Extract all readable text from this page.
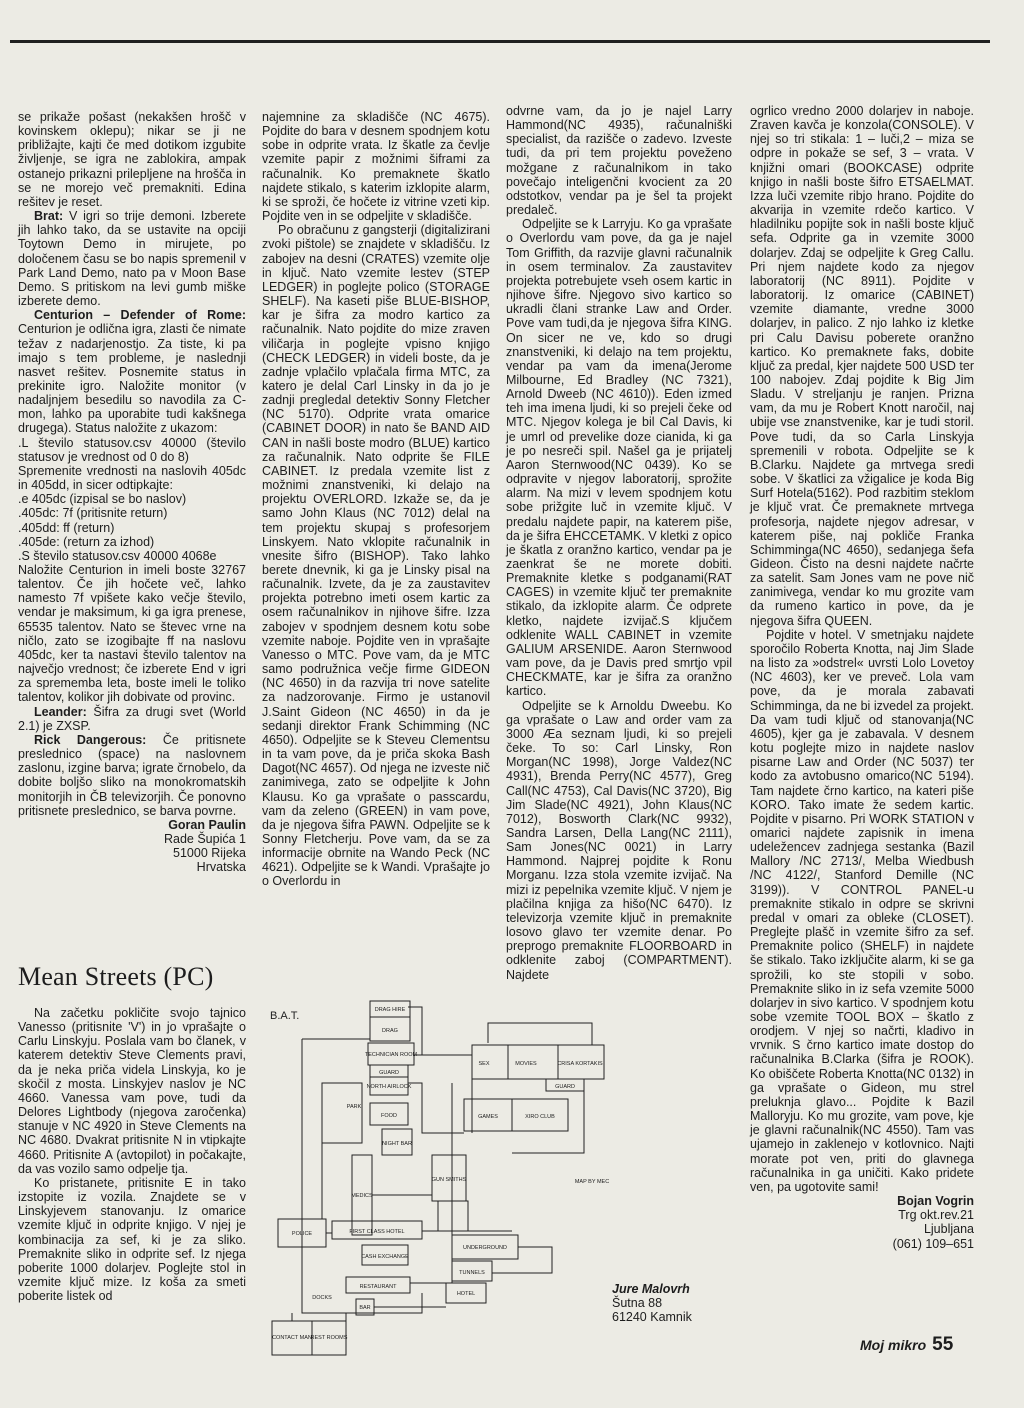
se prikaže pošast (nekakšen hrošč v kovinskem oklepu); nikar se ji ne približajte, kajti če med dotikom izgubite življenje, se igra ne zablokira, ampak ostanejo prikazni prilepljene na hrošča in se ne morejo več premakniti. Edina rešitev je reset.

Brat: V igri so trije demoni. Izberete jih lahko tako, da se ustavite na opciji Toytown Demo in mirujete, po določenem času se bo napis spremenil v Park Land Demo, nato pa v Moon Base Demo. S pritiskom na levi gumb miške izberete demo.

Centurion – Defender of Rome: Centurion je odlična igra, zlasti če nimate težav z nadarjenostjo. Za tiste, ki pa imajo s tem probleme, je naslednji nasvet rešitev. Posnemite status in prekinite igro. Naložite monitor (v nadaljnjem besedilu so navodila za C-mon, lahko pa uporabite tudi kakšnega drugega). Status naložite z ukazom:

.L število statusov.csv 40000 (število statusov je vrednost od 0 do 8)

Spremenite vrednosti na naslovih 405dc in 405dd, in sicer odtipkajte:

.e 405dc (izpisal se bo naslov)

.405dc: 7f (pritisnite return)

.405dd: ff (return)

.405de: (return za izhod)

.S število statusov.csv 40000 4068e

Naložite Centurion in imeli boste 32767 talentov. Če jih hočete več, lahko namesto 7f vpišete kako večje število, vendar je maksimum, ki ga igra prenese, 65535 talentov. Nato se števec vrne na ničlo, zato se izogibajte ff na naslovu 405dc, ker ta nastavi število talentov na največjo vrednost; če izberete End v igri za sprememba leta, boste imeli le toliko talentov, kolikor jih dobivate od provinc.

Leander: Šifra za drugi svet (World 2.1) je ZXSP.

Rick Dangerous: Če pritisnete preslednico (space) na naslovnem zaslonu, izgine barva; igrate črnobelo, da dobite boljšo sliko na monokromatskih monitorjih in ČB televizorjih. Če ponovno pritisnete preslednico, se barva povrne.

Goran Paulin
Rade Šupića 1
51000 Rijeka
Hrvatska
Mean Streets (PC)

Na začetku pokličite svojo tajnico Vanesso (pritisnite 'V') in jo vprašajte o Carlu Linskyju. Poslala vam bo članek, v katerem detektiv Steve Clements pravi, da je neka priča videla Linskyja, ko je skočil z mosta. Linskyjev naslov je NC 4660. Vanessa vam pove, tudi da Delores Lightbody (njegova zaročenka) stanuje v NC 4920 in Steve Clements na NC 4680. Dvakrat pritisnite N in vtipkajte 4660. Pritisnite A (avtopilot) in počakajte, da vas vozilo samo odpelje tja.

Ko pristanete, pritisnite E in tako izstopite iz vozila. Znajdete se v Linskyjevem stanovanju. Iz omarice vzemite ključ in odprite knjigo. V njej je kombinacija za sef, ki je za sliko. Premaknite sliko in odprite sef. Iz njega poberite 1000 dolarjev. Poglejte stol in vzemite ključ mize. Iz koša za smeti poberite listek od

najemnine za skladišče (NC 4675). Pojdite do bara v desnem spodnjem kotu sobe in odprite vrata. Iz škatle za čevlje vzemite papir z možnimi šiframi za računalnik. Ko premaknete škatlo najdete stikalo, s katerim izklopite alarm, ki se sproži, če hočete iz vitrine vzeti kip. Pojdite ven in se odpeljite v skladišče.

Po obračunu z gangsterji (digitalizirani zvoki pištole) se znajdete v skladišču. Iz zabojev na desni (CRATES) vzemite olje in ključ. Nato vzemite lestev (STEP LEDGER) in poglejte polico (STORAGE SHELF). Na kaseti piše BLUE-BISHOP, kar je šifra za modro kartico za računalnik. Nato pojdite do mize zraven viličarja in poglejte vpisno knjigo (CHECK LEDGER) in videli boste, da je zadnje vplačilo vplačala firma MTC, za katero je delal Carl Linsky in da jo je zadnji pregledal detektiv Sonny Fletcher (NC 5170). Odprite vrata omarice (CABINET DOOR) in nato še BAND AID CAN in našli boste modro (BLUE) kartico za računalnik. Nato odprite še FILE CABINET. Iz predala vzemite list z možnimi znanstveniki, ki delajo na projektu OVERLORD. Izkaže se, da je samo John Klaus (NC 7012) delal na tem projektu skupaj s profesorjem Linskyem. Nato vklopite računalnik in vnesite šifro (BISHOP). Tako lahko berete dnevnik, ki ga je Linsky pisal na računalnik. Izvete, da je za zaustavitev projekta potrebno imeti osem kartic za osem računalnikov in njihove šifre. Izza zabojev v spodnjem desnem kotu sobe vzemite naboje. Pojdite ven in vprašajte Vanesso o MTC. Pove vam, da je MTC samo podružnica večje firme GIDEON (NC 4650) in da razvija tri nove satelite za nadzorovanje. Firmo je ustanovil J.Saint Gideon (NC 4650) in da je sedanji direktor Frank Schimming (NC 4650). Odpeljite se k Steveu Clementsu in ta vam pove, da je priča skoka Bash Dagot(NC 4657). Od njega ne izveste nič zanimivega, zato se odpeljite k John Klausu. Ko ga vprašate o passcardu, vam da zeleno (GREEN) in vam pove, da je njegova šifra PAWN. Odpeljite se k Sonny Fletcherju. Pove vam, da se za informacije obrnite na Wando Peck (NC 4621). Odpeljite se k Wandi. Vprašajte jo o Overlordu in

odvrne vam, da jo je najel Larry Hammond(NC 4935), računalniški specialist, da razišče o zadevo. Izveste tudi, da pri tem projektu poveženo možgane z računalnikom in tako povečajo inteligenčni kvocient za 20 odstotkov, vendar pa je šel ta projekt predaleč.

Odpeljite se k Larryju. Ko ga vprašate o Overlordu vam pove, da ga je najel Tom Griffith, da razvije glavni računalnik in osem terminalov. Za zaustavitev projekta potrebujete vseh osem kartic in njihove šifre. Njegovo sivo kartico so ukradli člani stranke Law and Order. Pove vam tudi,da je njegova šifra KING. On sicer ne ve, kdo so drugi znanstveniki, ki delajo na tem projektu, vendar pa vam da imena(Jerome Milbourne, Ed Bradley (NC 7321), Arnold Dweeb (NC 4610)). Eden izmed teh ima imena ljudi, ki so prejeli čeke od MTC. Njegov kolega je bil Cal Davis, ki je umrl od prevelike doze cianida, ki ga je po nesreči spil. Našel ga je prijatelj Aaron Sternwood(NC 0439). Ko se odpravite v njegov laboratorij, sprožite alarm. Na mizi v levem spodnjem kotu sobe prižgite luč in vzemite ključ. V predalu najdete papir, na katerem piše, da je šifra EHCCETAMK. V kletki z opico je škatla z oranžno kartico, vendar pa je zaenkrat še ne morete dobiti. Premaknite kletke s podganami(RAT CAGES) in vzemite ključ ter premaknite stikalo, da izklopite alarm. Če odprete kletko, najdete izvijač.S ključem odklenite WALL CABINET in vzemite GALIUM ARSENIDE. Aaron Sternwood vam pove, da je Davis pred smrtjo vpil CHECKMATE, kar je šifra za oranžno kartico.

Odpeljite se k Arnoldu Dweebu. Ko ga vprašate o Law and order vam za 3000 Æa seznam ljudi, ki so prejeli čeke. To so: Carl Linsky, Ron Morgan(NC 1998), Jorge Valdez(NC 4931), Brenda Perry(NC 4577), Greg Call(NC 4753), Cal Davis(NC 3720), Big Jim Slade(NC 4921), John Klaus(NC 7012), Bosworth Clark(NC 9932), Sandra Larsen, Della Lang(NC 2111), Sam Jones(NC 0021) in Larry Hammond. Najprej pojdite k Ronu Morganu. Izza stola vzemite izvijač. Na mizi iz pepelnika vzemite ključ. V njem je plačilna knjiga za hišo(NC 6470). Iz televizorja vzemite ključ in premaknite losovo glavo ter vzemite denar. Po preprogo premaknite FLOORBOARD in odklenite zaboj (COMPARTMENT). Najdete

ogrlico vredno 2000 dolarjev in naboje. Zraven kavča je konzola(CONSOLE). V njej so tri stikala: 1 – luči,2 – miza se odpre in pokaže se sef, 3 – vrata. V knjižni omari (BOOKCASE) odprite knjigo in našli boste šifro ETSAELMAT. Izza luči vzemite ribjo hrano. Pojdite do akvarija in vzemite rdečo kartico. V hladilniku popijte sok in našli boste ključ sefa. Odprite ga in vzemite 3000 dolarjev. Zdaj se odpeljite k Greg Callu. Pri njem najdete kodo za njegov laboratorij (NC 8911). Pojdite v laboratorij. Iz omarice (CABINET) vzemite diamante, vredne 3000 dolarjev, in palico. Z njo lahko iz kletke pri Calu Davisu poberete oranžno kartico. Ko premaknete faks, dobite ključ za predal, kjer najdete 500 USD ter 100 nabojev. Zdaj pojdite k Big Jim Sladu. V streljanju je ranjen. Prizna vam, da mu je Robert Knott naročil, naj ubije vse znanstvenike, kar je tudi storil. Pove tudi, da so Carla Linskyja spremenili v robota. Odpeljite se k B.Clarku. Najdete ga mrtvega sredi sobe. V škatlici za vžigalice je koda Big Surf Hotela(5162). Pod razbitim steklom je ključ vrat. Če premaknete mrtvega profesorja, najdete njegov adresar, v katerem piše, naj pokliče Franka Schimminga(NC 4650), sedanjega šefa Gideon. Čisto na desni najdete načrte za satelit. Sam Jones vam ne pove nič zanimivega, vendar ko mu grozite vam da rumeno kartico in pove, da je njegova šifra QUEEN.

Pojdite v hotel. V smetnjaku najdete sporočilo Roberta Knotta, naj Jim Slade na listo za »odstrel« uvrsti Lolo Lovetoy (NC 4603), ker ve preveč. Lola vam pove, da je morala zabavati Schimminga, da ne bi izvedel za projekt. Da vam tudi ključ od stanovanja(NC 4605), kjer ga je zabavala. V desnem kotu poglejte mizo in najdete naslov pisarne Law and Order (NC 5037) ter kodo za avtobusno omarico(NC 5194). Tam najdete črno kartico, na kateri piše KORO. Tako imate že sedem kartic. Pojdite v pisarno. Pri WORK STATION v omarici najdete zapisnik in imena udeležencev zadnjega sestanka (Bazil Mallory /NC 2713/, Melba Wiedbush /NC 4122/, Stanford Demille (NC 3199)). V CONTROL PANEL-u premaknite stikalo in odpre se skrivni predal v omari za obleke (CLOSET). Preglejte plašč in vzemite šifro za sef. Premaknite polico (SHELF) in najdete še stikalo. Tako izključite alarm, ki se ga sprožili, ko ste stopili v sobo. Premaknite sliko in iz sefa vzemite 5000 dolarjev in sivo kartico. V spodnjem kotu sobe vzemite TOOL BOX – škatlo z orodjem. V njej so načrti, kladivo in vrvnik. S črno kartico imate dostop do računalnika B.Clarka (šifra je ROOK). Ko obiščete Roberta Knotta(NC 0132) in ga vprašate o Gideon, mu strel preluknja glavo... Pojdite k Bazil Malloryju. Ko mu grozite, vam pove, kje je glavni računalnik(NC 4550). Tam vas ujamejo in zaklenejo v kotlovnico. Najti morate pot ven, priti do glavnega računalnika in ga uničiti. Kako pridete ven, pa ugotovite sami!

Bojan Vogrin
Trg okt.rev.21
Ljubljana
(061) 109–651
DRAG HIRE
DRAG
TECHNICIAN ROOM
GUARD
NORTH AIRLOCK
PARK
FOOD
NIGHT BAR
SEX	MOVIES	CRISA KORTAKIS
GUARD
GAMES	XIRO CLUB
MEDICS
GUN SMITHS	MAP BY MEC
POLICE	FIRST CLASS HOTEL
UNDERGROUND
CASH EXCHANGE
TUNNELS
RESTAURANT
HOTEL
DOCKS
BAR
CONTACT MAN
REST ROOMS
B.A.T.
Jure Malovrh
Šutna 88
61240 Kamnik
Moj mikro 55
